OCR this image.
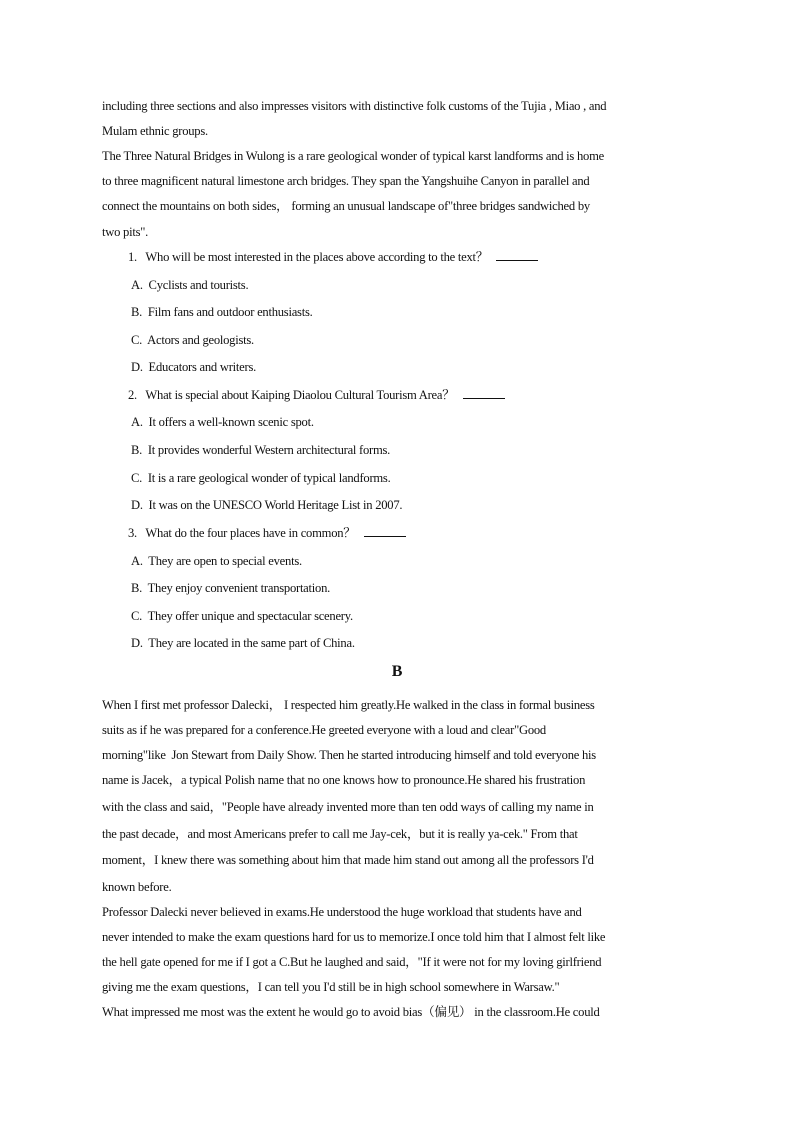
including three sections and also impresses visitors with distinctive folk customs of the Tujia , Miao , and
Mulam ethnic groups.
The Three Natural Bridges in Wulong is a rare geological wonder of typical karst landforms and is home
to three magnificent natural limestone arch bridges. They span the Yangshuihe Canyon in parallel and
connect the mountains on both sides， forming an unusual landscape of"three bridges sandwiched by
two pits".
1.   Who will be most interested in the places above according to the text？
A.  Cyclists and tourists.
B.  Film fans and outdoor enthusiasts.
C.  Actors and geologists.
D.  Educators and writers.
2.   What is special about Kaiping Diaolou Cultural Tourism Area？
A.  It offers a well-known scenic spot.
B.  It provides wonderful Western architectural forms.
C.  It is a rare geological wonder of typical landforms.
D.  It was on the UNESCO World Heritage List in 2007.
3.   What do the four places have in common？
A.  They are open to special events.
B.  They enjoy convenient transportation.
C.  They offer unique and spectacular scenery.
D.  They are located in the same part of China.
B
When I first met professor Dalecki， I respected him greatly.He walked in the class in formal business
suits as if he was prepared for a conference.He greeted everyone with a loud and clear"Good
morning"like  Jon Stewart from Daily Show. Then he started introducing himself and told everyone his
name is Jacek，a typical Polish name that no one knows how to pronounce.He shared his frustration
with the class and said，"People have already invented more than ten odd ways of calling my name in
the past decade，and most Americans prefer to call me Jay-cek，but it is really ya-cek." From that
moment，I knew there was something about him that made him stand out among all the professors I'd
known before.
Professor Dalecki never believed in exams.He understood the huge workload that students have and
never intended to make the exam questions hard for us to memorize.I once told him that I almost felt like
the hell gate opened for me if I got a C.But he laughed and said，"If it were not for my loving girlfriend
giving me the exam questions，I can tell you I'd still be in high school somewhere in Warsaw."
What impressed me most was the extent he would go to avoid bias（偏见） in the classroom.He could
